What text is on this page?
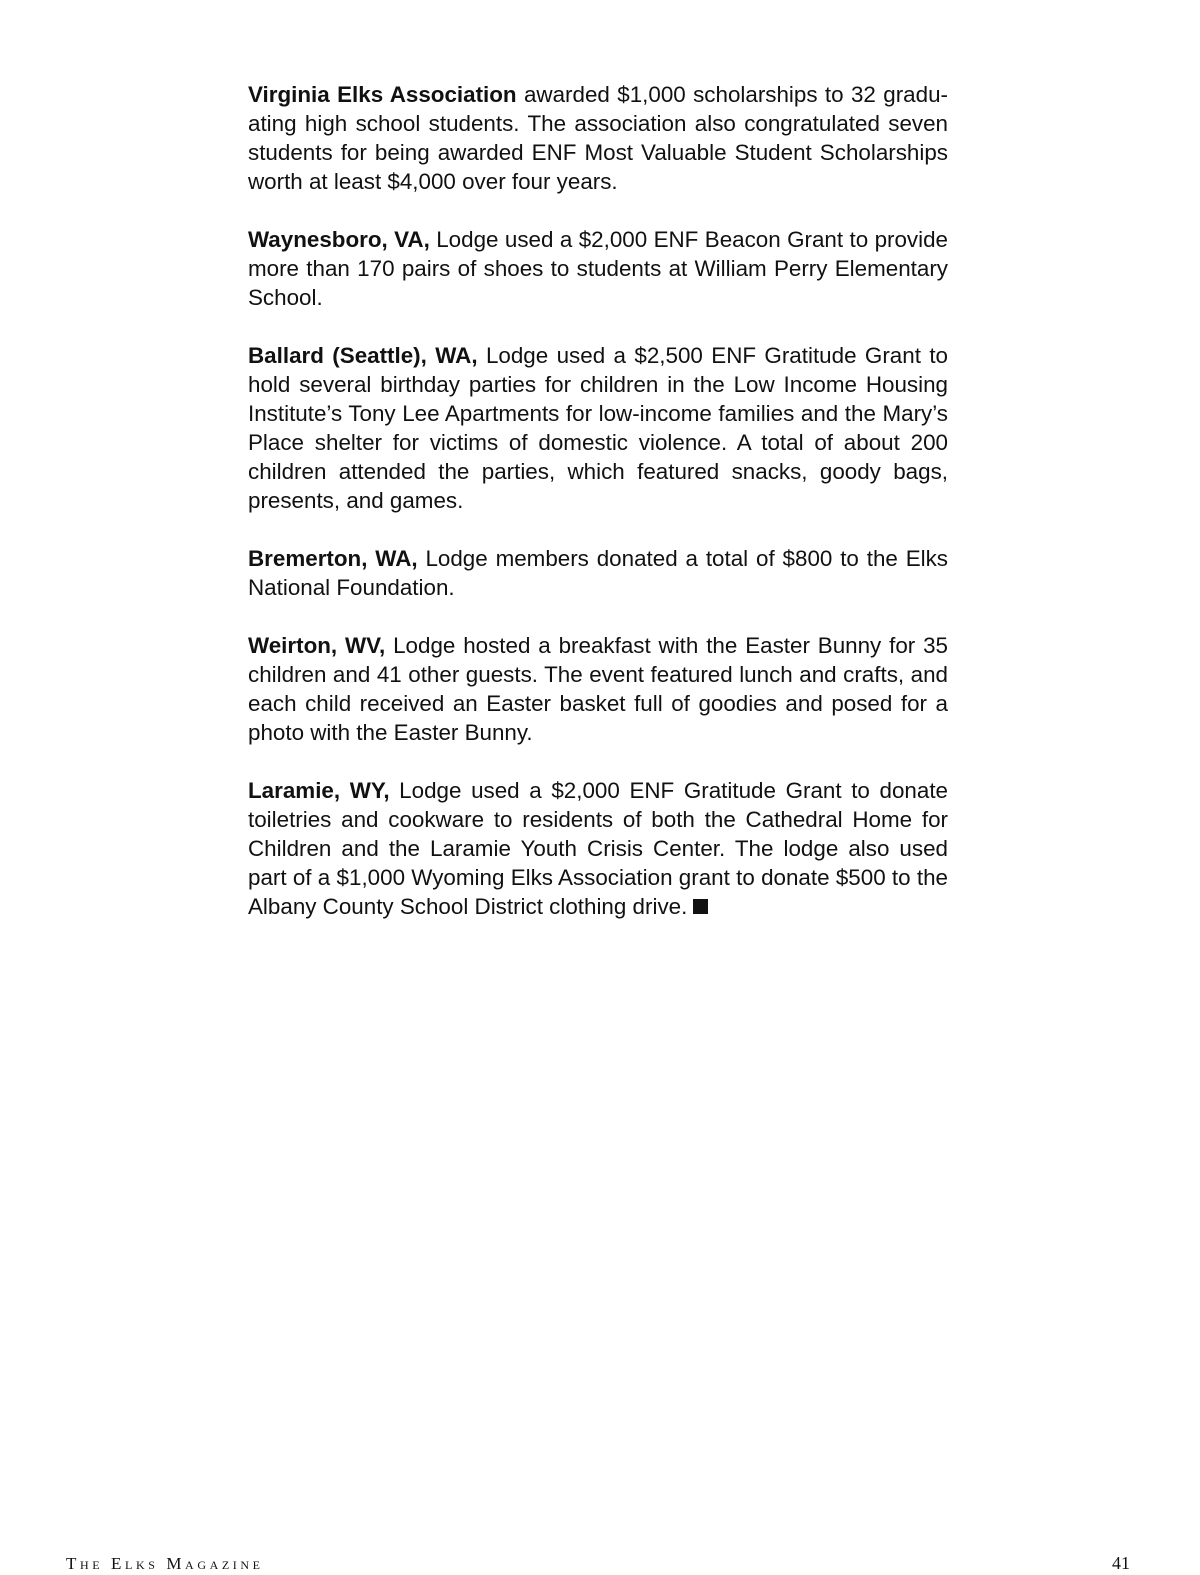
Virginia Elks Association awarded $1,000 scholarships to 32 graduating high school students. The association also congratulated seven students for being awarded ENF Most Valuable Student Scholarships worth at least $4,000 over four years.

Waynesboro, VA, Lodge used a $2,000 ENF Beacon Grant to provide more than 170 pairs of shoes to students at William Perry Elementary School.

Ballard (Seattle), WA, Lodge used a $2,500 ENF Gratitude Grant to hold several birthday parties for children in the Low Income Housing Institute’s Tony Lee Apartments for low-income families and the Mary’s Place shelter for victims of domestic violence. A total of about 200 children attended the parties, which featured snacks, goody bags, presents, and games.

Bremerton, WA, Lodge members donated a total of $800 to the Elks National Foundation.

Weirton, WV, Lodge hosted a breakfast with the Easter Bunny for 35 children and 41 other guests. The event featured lunch and crafts, and each child received an Easter basket full of goodies and posed for a photo with the Easter Bunny.

Laramie, WY, Lodge used a $2,000 ENF Gratitude Grant to donate toiletries and cookware to residents of both the Cathedral Home for Children and the Laramie Youth Crisis Center. The lodge also used part of a $1,000 Wyoming Elks Association grant to donate $500 to the Albany County School District clothing drive.

The Elks Magazine	41
